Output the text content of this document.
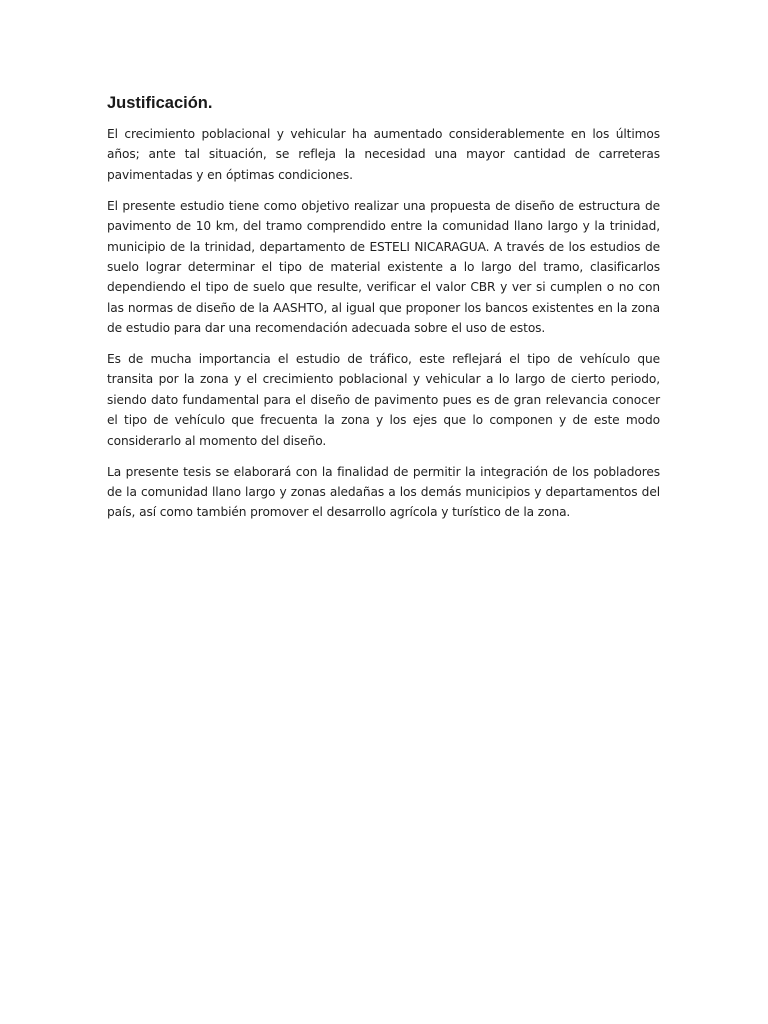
Justificación.

El crecimiento poblacional y vehicular ha aumentado considerablemente en los últimos años; ante tal situación, se refleja la necesidad una mayor cantidad de carreteras pavimentadas y en óptimas condiciones.

El presente estudio tiene como objetivo realizar una propuesta de diseño de estructura de pavimento de 10 km, del tramo comprendido entre la comunidad llano largo y la trinidad, municipio de la trinidad, departamento de ESTELI NICARAGUA. A través de los estudios de suelo lograr determinar el tipo de material existente a lo largo del tramo, clasificarlos dependiendo el tipo de suelo que resulte, verificar el valor CBR y ver si cumplen o no con las normas de diseño de la AASHTO, al igual que proponer los bancos existentes en la zona de estudio para dar una recomendación adecuada sobre el uso de estos.

Es de mucha importancia el estudio de tráfico, este reflejará el tipo de vehículo que transita por la zona y el crecimiento poblacional y vehicular a lo largo de cierto periodo, siendo dato fundamental para el diseño de pavimento pues es de gran relevancia conocer el tipo de vehículo que frecuenta la zona y los ejes que lo componen y de este modo considerarlo al momento del diseño.

La presente tesis se elaborará con la finalidad de permitir la integración de los pobladores de la comunidad llano largo y zonas aledañas a los demás municipios y departamentos del país, así como también promover el desarrollo agrícola y turístico de la zona.
